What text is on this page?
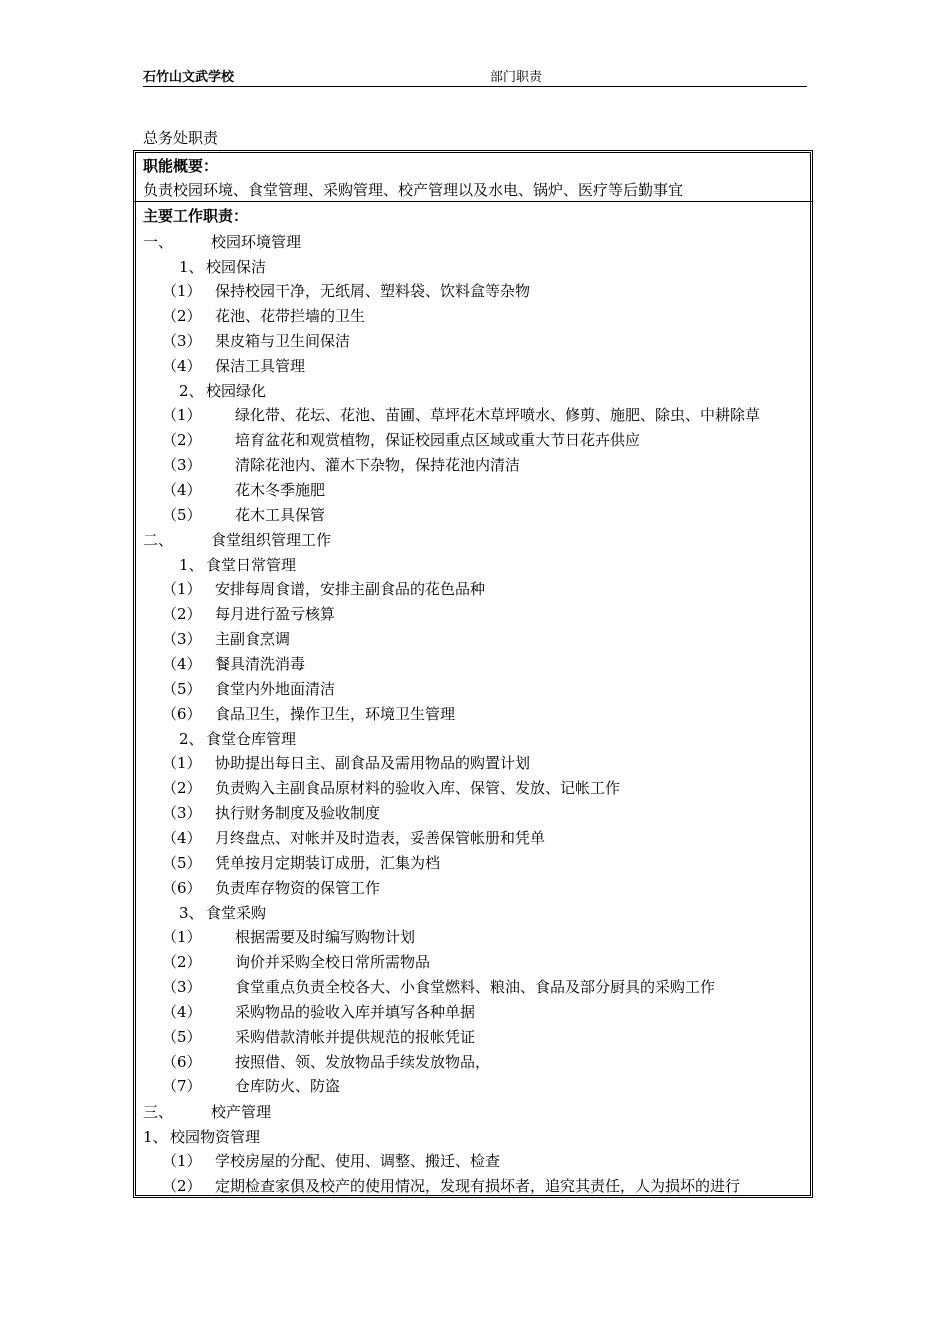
石竹山文武学校	部门职责
总务处职责
职能概要：
负责校园环境、食堂管理、采购管理、校产管理以及水电、锅炉、医疗等后勤事宜
主要工作职责：
一、	校园环境管理
1、 校园保洁
（1） 保持校园干净，无纸屑、塑料袋、饮料盒等杂物
（2） 花池、花带拦墙的卫生
（3） 果皮箱与卫生间保洁
（4） 保洁工具管理
2、 校园绿化
（1） 绿化带、花坛、花池、苗圃、草坪花木草坪喷水、修剪、施肥、除虫、中耕除草
（2） 培育盆花和观赏植物，保证校园重点区域或重大节日花卉供应
（3） 清除花池内、灌木下杂物，保持花池内清洁
（4） 花木冬季施肥
（5） 花木工具保管
二、	食堂组织管理工作
1、 食堂日常管理
（1） 安排每周食谱，安排主副食品的花色品种
（2） 每月进行盈亏核算
（3） 主副食烹调
（4） 餐具清洗消毒
（5） 食堂内外地面清洁
（6） 食品卫生，操作卫生，环境卫生管理
2、 食堂仓库管理
（1） 协助提出每日主、副食品及需用物品的购置计划
（2） 负责购入主副食品原材料的验收入库、保管、发放、记帐工作
（3） 执行财务制度及验收制度
（4） 月终盘点、对帐并及时造表，妥善保管帐册和凭单
（5） 凭单按月定期装订成册，汇集为档
（6） 负责库存物资的保管工作
3、 食堂采购
（1） 根据需要及时编写购物计划
（2） 询价并采购全校日常所需物品
（3） 食堂重点负责全校各大、小食堂燃料、粮油、食品及部分厨具的采购工作
（4） 采购物品的验收入库并填写各种单据
（5） 采购借款清帐并提供规范的报帐凭证
（6） 按照借、领、发放物品手续发放物品，
（7） 仓库防火、防盗
三、	校产管理
1、 校园物资管理
（1） 学校房屋的分配、使用、调整、搬迁、检查
（2） 定期检查家俱及校产的使用情况，发现有损坏者，追究其责任，人为损坏的进行
